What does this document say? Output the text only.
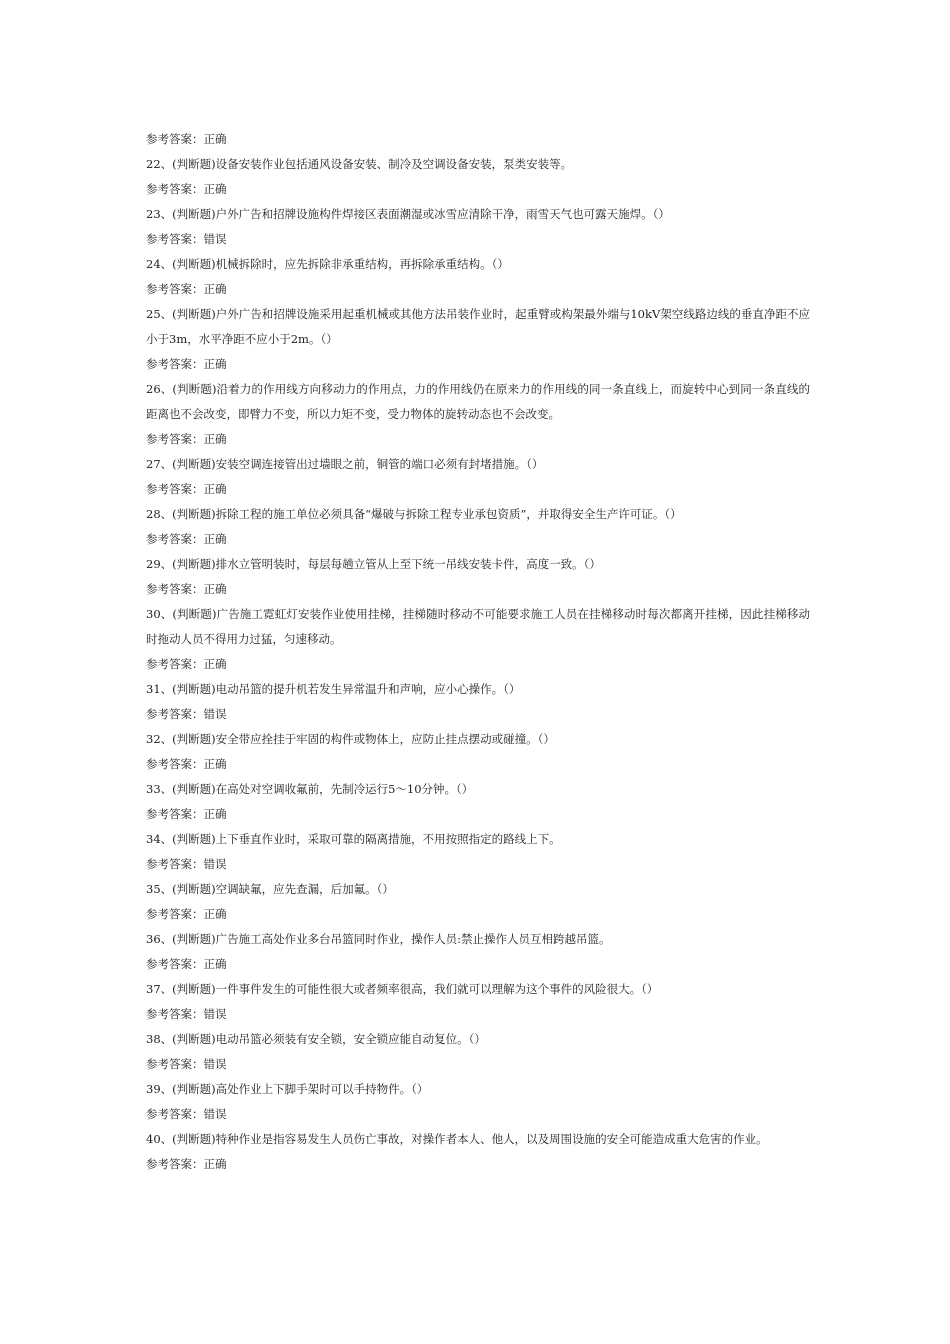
参考答案：正确
22、(判断题)设备安装作业包括通风设备安装、制冷及空调设备安装，泵类安装等。
参考答案：正确
23、(判断题)户外广告和招牌设施构件焊接区表面潮湿或冰雪应清除干净，雨雪天气也可露天施焊。（）
参考答案：错误
24、(判断题)机械拆除时，应先拆除非承重结构，再拆除承重结构。（）
参考答案：正确
25、(判断题)户外广告和招牌设施采用起重机械或其他方法吊装作业时，起重臂或构架最外端与10kV架空线路边线的垂直净距不应小于3m，水平净距不应小于2m。（）
参考答案：正确
26、(判断题)沿着力的作用线方向移动力的作用点，力的作用线仍在原来力的作用线的同一条直线上，而旋转中心到同一条直线的距离也不会改变，即臂力不变，所以力矩不变，受力物体的旋转动态也不会改变。
参考答案：正确
27、(判断题)安装空调连接管出过墙眼之前，铜管的端口必须有封堵措施。（）
参考答案：正确
28、(判断题)拆除工程的施工单位必须具备“爆破与拆除工程专业承包资质”，并取得安全生产许可证。（）
参考答案：正确
29、(判断题)排水立管明装时，每层每趟立管从上至下统一吊线安装卡件，高度一致。（）
参考答案：正确
30、(判断题)广告施工霓虹灯安装作业使用挂梯，挂梯随时移动不可能要求施工人员在挂梯移动时每次都离开挂梯，因此挂梯移动时拖动人员不得用力过猛，匀速移动。
参考答案：正确
31、(判断题)电动吊篮的提升机若发生异常温升和声响，应小心操作。（）
参考答案：错误
32、(判断题)安全带应拴挂于牢固的构件或物体上，应防止挂点摆动或碰撞。（）
参考答案：正确
33、(判断题)在高处对空调收氟前，先制冷运行5～10分钟。（）
参考答案：正确
34、(判断题)上下垂直作业时，采取可靠的隔离措施，不用按照指定的路线上下。
参考答案：错误
35、(判断题)空调缺氟，应先查漏，后加氟。（）
参考答案：正确
36、(判断题)广告施工高处作业多台吊篮同时作业，操作人员:禁止操作人员互相跨越吊篮。
参考答案：正确
37、(判断题)一件事件发生的可能性很大或者频率很高，我们就可以理解为这个事件的风险很大。（）
参考答案：错误
38、(判断题)电动吊篮必须装有安全锁，安全锁应能自动复位。（）
参考答案：错误
39、(判断题)高处作业上下脚手架时可以手持物件。（）
参考答案：错误
40、(判断题)特种作业是指容易发生人员伤亡事故，对操作者本人、他人，以及周围设施的安全可能造成重大危害的作业。
参考答案：正确
